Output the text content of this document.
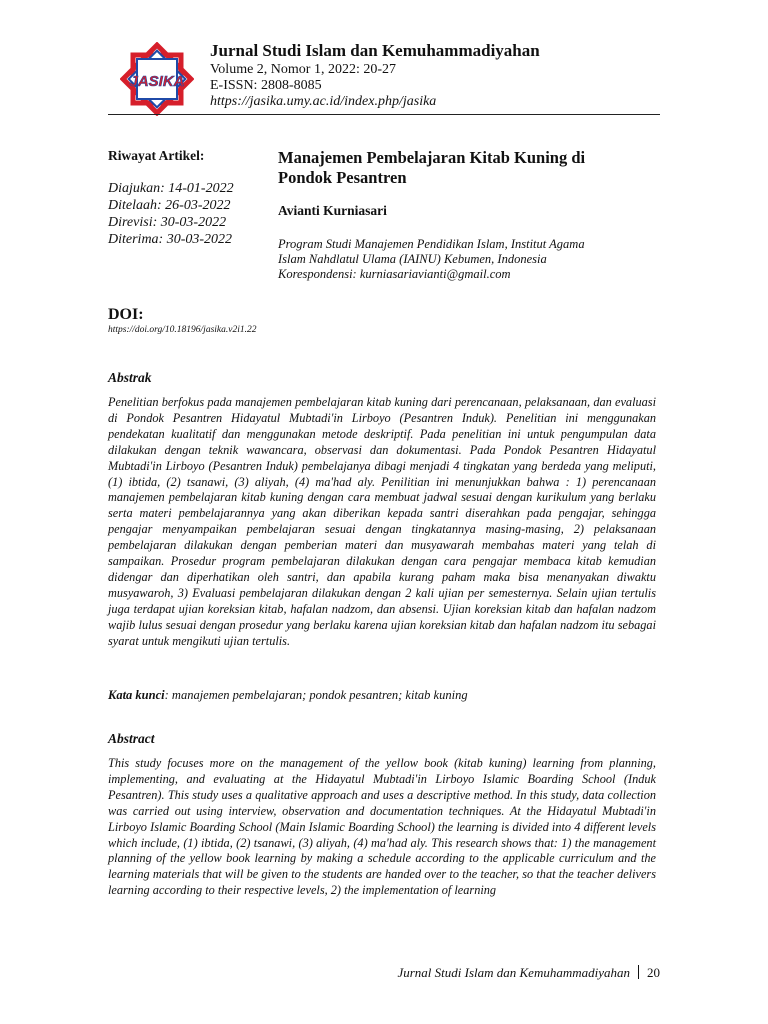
JASIKA
Jurnal Studi Islam dan Kemuhammadiyahan
Volume 2, Nomor 1, 2022: 20-27
E-ISSN: 2808-8085
https://jasika.umy.ac.id/index.php/jasika
Riwayat Artikel:
Diajukan: 14-01-2022
Ditelaah: 26-03-2022
Direvisi: 30-03-2022
Diterima: 30-03-2022
Manajemen Pembelajaran Kitab Kuning di
Pondok Pesantren
Avianti Kurniasari
Program Studi Manajemen Pendidikan Islam, Institut Agama
Islam Nahdlatul Ulama (IAINU) Kebumen, Indonesia
Korespondensi: kurniasariavianti@gmail.com
DOI:
https://doi.org/10.18196/jasika.v2i1.22
Abstrak

Penelitian berfokus pada manajemen pembelajaran kitab kuning dari perencanaan, pelaksanaan, dan evaluasi di Pondok Pesantren Hidayatul Mubtadi'in Lirboyo (Pesantren Induk). Penelitian ini menggunakan pendekatan kualitatif dan menggunakan metode deskriptif. Pada penelitian ini untuk pengumpulan data dilakukan dengan teknik wawancara, observasi dan dokumentasi. Pada Pondok Pesantren Hidayatul Mubtadi'in Lirboyo (Pesantren Induk) pembelajanya dibagi menjadi 4 tingkatan yang berdeda yang meliputi, (1) ibtida, (2) tsanawi, (3) aliyah, (4) ma'had aly. Penilitian ini menunjukkan bahwa : 1) perencanaan manajemen pembelajaran kitab kuning dengan cara membuat jadwal sesuai dengan kurikulum yang berlaku serta materi pembelajarannya yang akan diberikan kepada santri diserahkan pada pengajar, sehingga pengajar menyampaikan pembelajaran sesuai dengan tingkatannya masing-masing, 2) pelaksanaan pembelajaran dilakukan dengan pemberian materi dan musyawarah membahas materi yang telah di sampaikan. Prosedur program pembelajaran dilakukan dengan cara pengajar membaca kitab kemudian didengar dan diperhatikan oleh santri, dan apabila kurang paham maka bisa menanyakan diwaktu musyawaroh, 3) Evaluasi pembelajaran dilakukan dengan 2 kali ujian per semesternya. Selain ujian tertulis juga terdapat ujian koreksian kitab, hafalan nadzom, dan absensi. Ujian koreksian kitab dan hafalan nadzom wajib lulus sesuai dengan prosedur yang berlaku karena ujian koreksian kitab dan hafalan nadzom itu sebagai syarat untuk mengikuti ujian tertulis.

Kata kunci: manajemen pembelajaran; pondok pesantren; kitab kuning
Abstract

This study focuses more on the management of the yellow book (kitab kuning) learning from planning, implementing, and evaluating at the Hidayatul Mubtadi'in Lirboyo Islamic Boarding School (Induk Pesantren). This study uses a qualitative approach and uses a descriptive method. In this study, data collection was carried out using interview, observation and documentation techniques. At the Hidayatul Mubtadi'in Lirboyo Islamic Boarding School (Main Islamic Boarding School) the learning is divided into 4 different levels which include, (1) ibtida, (2) tsanawi, (3) aliyah, (4) ma'had aly. This research shows that: 1) the management planning of the yellow book learning by making a schedule according to the applicable curriculum and the learning materials that will be given to the students are handed over to the teacher, so that the teacher delivers learning according to their respective levels, 2) the implementation of learning

Jurnal Studi Islam dan Kemuhammadiyahan 20
